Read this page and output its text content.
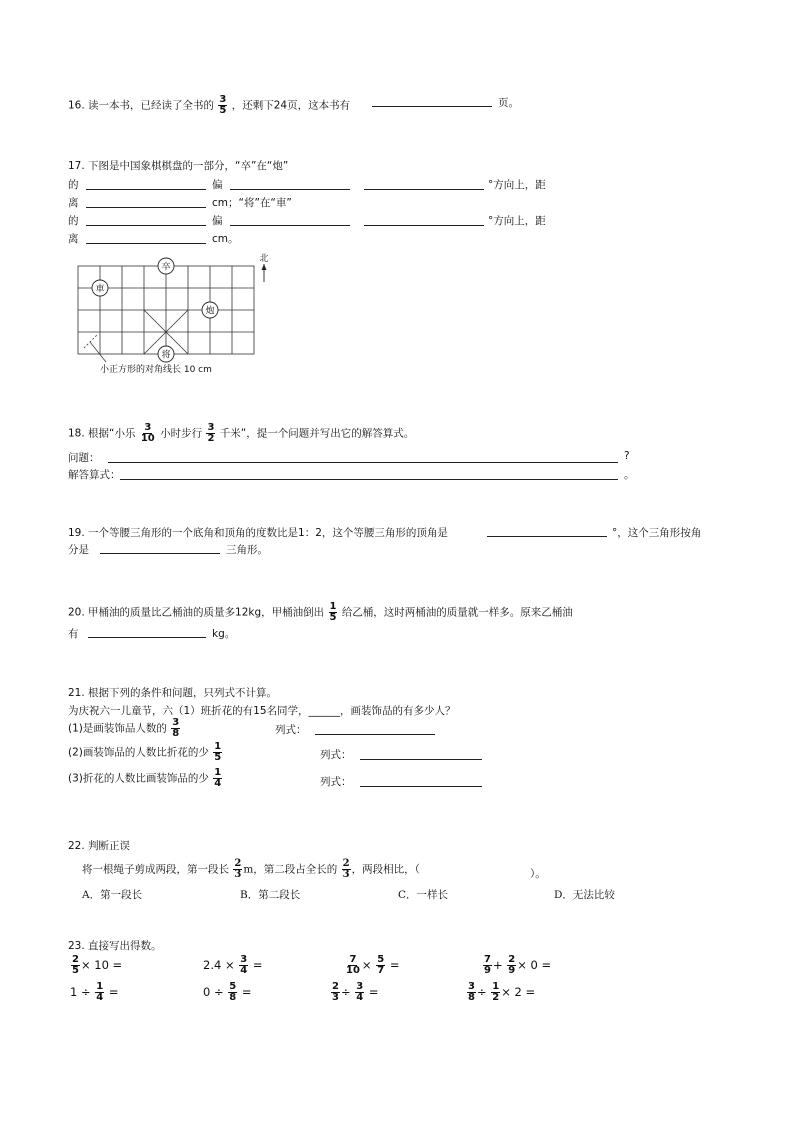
16. 读一本书，已经读了全书的 $\frac{3}{5}$ ，还剩下24页，这本书有	页。
17. 下图是中国象棋棋盘的一部分，“卒”在“炮”
的	偏	°方向上，距
离	cm；“将”在“車”
的	偏	°方向上，距
离	cm。
車
卒
炮
将
北
小正方形的对角线长 10 cm
18. 根据“小乐 $\frac{3}{10}$ 小时步行 $\frac{3}{2}$ 千米”，提一个问题并写出它的解答算式。
问题：	?
解答算式：	。
19. 一个等腰三角形的一个底角和顶角的度数比是1：2，这个等腰三角形的顶角是	°，这个三角形按角
分是	三角形。
20. 甲桶油的质量比乙桶油的质量多12kg，甲桶油倒出 $\frac{1}{5}$ 给乙桶，这时两桶油的质量就一样多。原来乙桶油
有	kg。
21. 根据下列的条件和问题，只列式不计算。
为庆祝六一儿童节，六（1）班折花的有15名同学，______，画装饰品的有多少人？
(1)是画装饰品人数的 $\frac{3}{8}$	列式：
(2)画装饰品的人数比折花的少 $\frac{1}{5}$	列式：
(3)折花的人数比画装饰品的少 $\frac{1}{4}$	列式：
22. 判断正误
将一根绳子剪成两段，第一段长 $\frac{2}{3}$ m，第二段占全长的 $\frac{2}{3}$ ，两段相比，（	）。
A．第一段长	B．第二段长	C．一样长	D．无法比较
23. 直接写出得数。
$\frac{2}{5} \times 10$ =	$2.4 \times \frac{3}{4}$ =	$\frac{7}{10} \times \frac{5}{7}$ =	$\frac{7}{9} + \frac{2}{9} \times 0$ =
$1 \div \frac{1}{4}$ =	$0 \div \frac{5}{8}$ =	$\frac{2}{3} \div \frac{3}{4}$ =	$\frac{3}{8} \div \frac{1}{2} \times 2$ =
